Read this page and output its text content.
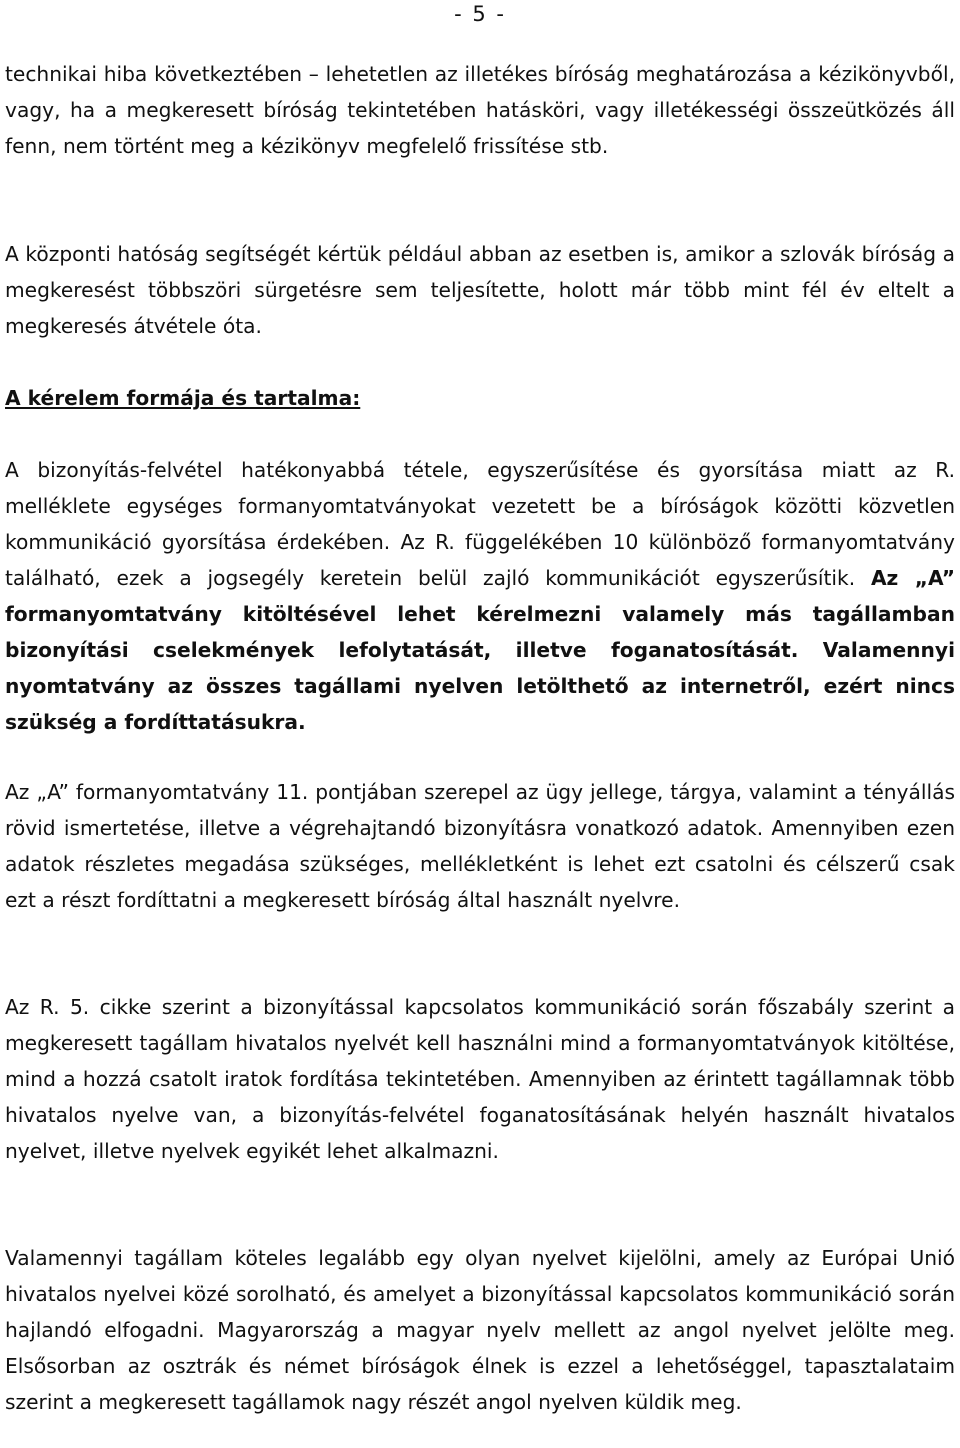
- 5 -

technikai hiba következtében – lehetetlen az illetékes bíróság meghatározása a kézikönyvből, vagy, ha a megkeresett bíróság tekintetében hatásköri, vagy illetékességi összeütközés áll fenn, nem történt meg a kézikönyv megfelelő frissítése stb.

A központi hatóság segítségét kértük például abban az esetben is, amikor a szlovák bíróság a megkeresést többszöri sürgetésre sem teljesítette, holott már több mint fél év eltelt a megkeresés átvétele óta.

A kérelem formája és tartalma:

A bizonyítás-felvétel hatékonyabbá tétele, egyszerűsítése és gyorsítása miatt az R. melléklete egységes formanyomtatványokat vezetett be a bíróságok közötti közvetlen kommunikáció gyorsítása érdekében. Az R. függelékében 10 különböző formanyomtatvány található, ezek a jogsegély keretein belül zajló kommunikációt egyszerűsítik. Az „A” formanyomtatvány kitöltésével lehet kérelmezni valamely más tagállamban bizonyítási cselekmények lefolytatását, illetve foganatosítását. Valamennyi nyomtatvány az összes tagállami nyelven letölthető az internetről, ezért nincs szükség a fordíttatásukra.

Az „A” formanyomtatvány 11. pontjában szerepel az ügy jellege, tárgya, valamint a tényállás rövid ismertetése, illetve a végrehajtandó bizonyításra vonatkozó adatok. Amennyiben ezen adatok részletes megadása szükséges, mellékletként is lehet ezt csatolni és célszerű csak ezt a részt fordíttatni a megkeresett bíróság által használt nyelvre.

Az R. 5. cikke szerint a bizonyítással kapcsolatos kommunikáció során főszabály szerint a megkeresett tagállam hivatalos nyelvét kell használni mind a formanyomtatványok kitöltése, mind a hozzá csatolt iratok fordítása tekintetében. Amennyiben az érintett tagállamnak több hivatalos nyelve van, a bizonyítás-felvétel foganatosításának helyén használt hivatalos nyelvet, illetve nyelvek egyikét lehet alkalmazni.

Valamennyi tagállam köteles legalább egy olyan nyelvet kijelölni, amely az Európai Unió hivatalos nyelvei közé sorolható, és amelyet a bizonyítással kapcsolatos kommunikáció során hajlandó elfogadni. Magyarország a magyar nyelv mellett az angol nyelvet jelölte meg. Elsősorban az osztrák és német bíróságok élnek is ezzel a lehetőséggel, tapasztalataim szerint a megkeresett tagállamok nagy részét angol nyelven küldik meg.
